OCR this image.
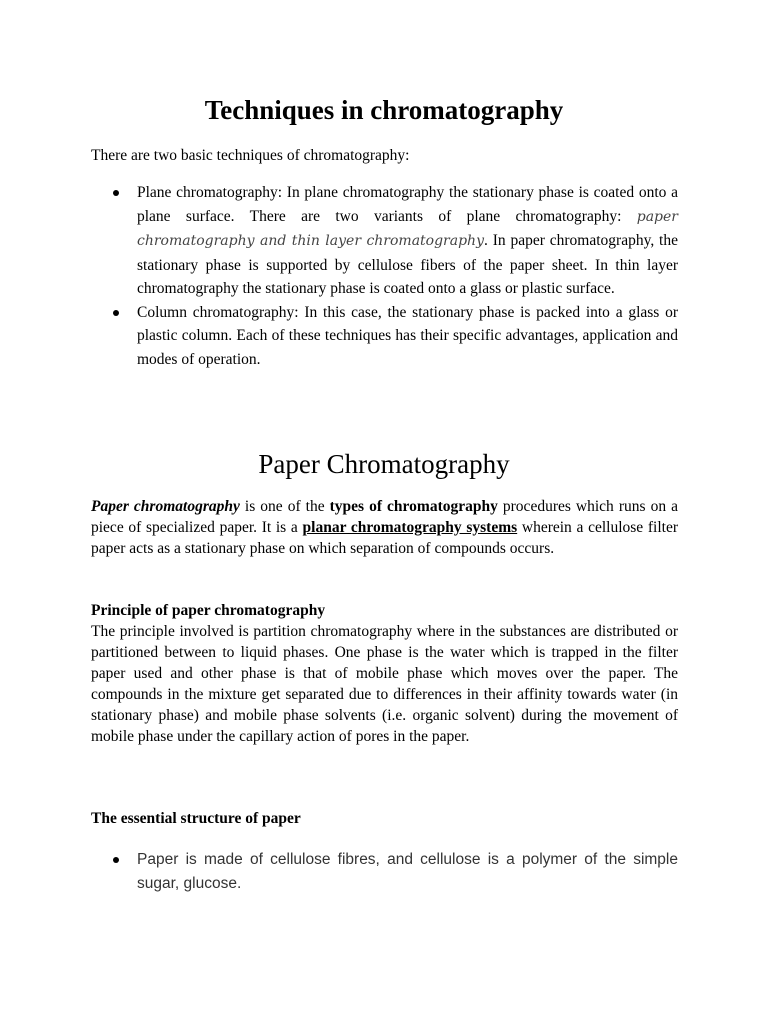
Techniques in chromatography

There are two basic techniques of chromatography:

Plane chromatography: In plane chromatography the stationary phase is coated onto a plane surface. There are two variants of plane chromatography: paper chromatography and thin layer chromatography. In paper chromatography, the stationary phase is supported by cellulose fibers of the paper sheet. In thin layer chromatography the stationary phase is coated onto a glass or plastic surface.
Column chromatography: In this case, the stationary phase is packed into a glass or plastic column. Each of these techniques has their specific advantages, application and modes of operation.
Paper Chromatography

Paper chromatography is one of the types of chromatography procedures which runs on a piece of specialized paper. It is a planar chromatography systems wherein a cellulose filter paper acts as a stationary phase on which separation of compounds occurs.

Principle of paper chromatography
The principle involved is partition chromatography where in the substances are distributed or partitioned between to liquid phases. One phase is the water which is trapped in the filter paper used and other phase is that of mobile phase which moves over the paper. The compounds in the mixture get separated due to differences in their affinity towards water (in stationary phase) and mobile phase solvents (i.e. organic solvent) during the movement of mobile phase under the capillary action of pores in the paper.

The essential structure of paper

Paper is made of cellulose fibres, and cellulose is a polymer of the simple sugar, glucose.
